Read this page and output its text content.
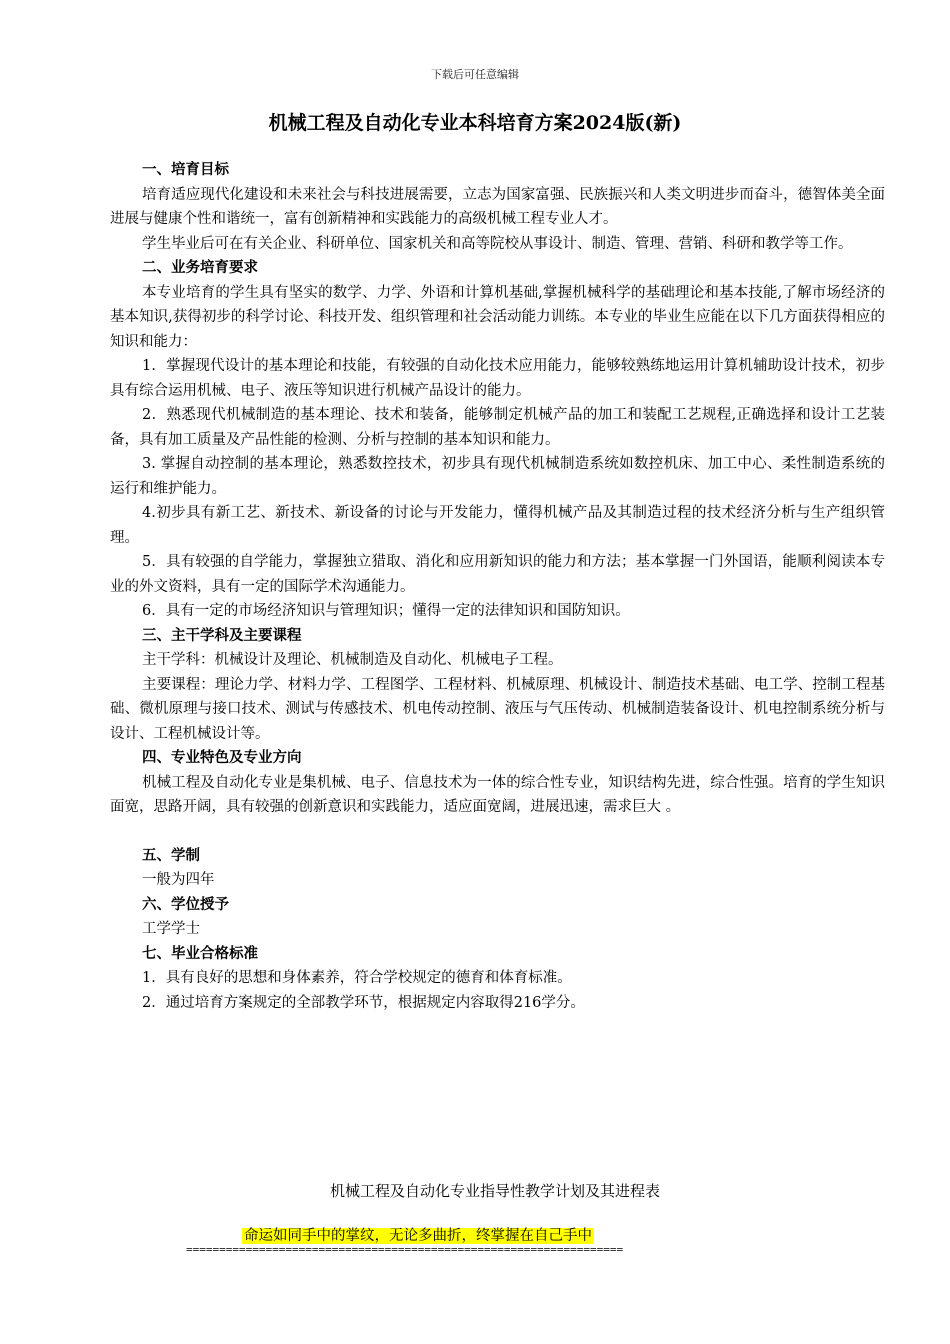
下载后可任意编辑
机械工程及自动化专业本科培育方案2024版(新)

一、培育目标

培育适应现代化建设和未来社会与科技进展需要，立志为国家富强、民族振兴和人类文明进步而奋斗，德智体美全面进展与健康个性和谐统一，富有创新精神和实践能力的高级机械工程专业人才。

学生毕业后可在有关企业、科研单位、国家机关和高等院校从事设计、制造、管理、营销、科研和教学等工作。

二、业务培育要求

本专业培育的学生具有坚实的数学、力学、外语和计算机基础,掌握机械科学的基础理论和基本技能,了解市场经济的基本知识,获得初步的科学讨论、科技开发、组织管理和社会活动能力训练。本专业的毕业生应能在以下几方面获得相应的知识和能力：

1．掌握现代设计的基本理论和技能，有较强的自动化技术应用能力，能够较熟练地运用计算机辅助设计技术，初步具有综合运用机械、电子、液压等知识进行机械产品设计的能力。

2．熟悉现代机械制造的基本理论、技术和装备，能够制定机械产品的加工和装配工艺规程,正确选择和设计工艺装备，具有加工质量及产品性能的检测、分析与控制的基本知识和能力。

3. 掌握自动控制的基本理论，熟悉数控技术，初步具有现代机械制造系统如数控机床、加工中心、柔性制造系统的运行和维护能力。

4.初步具有新工艺、新技术、新设备的讨论与开发能力，懂得机械产品及其制造过程的技术经济分析与生产组织管理。

5．具有较强的自学能力，掌握独立猎取、消化和应用新知识的能力和方法；基本掌握一门外国语，能顺利阅读本专业的外文资料，具有一定的国际学术沟通能力。

6．具有一定的市场经济知识与管理知识；懂得一定的法律知识和国防知识。

三、主干学科及主要课程

主干学科：机械设计及理论、机械制造及自动化、机械电子工程。

主要课程：理论力学、材料力学、工程图学、工程材料、机械原理、机械设计、制造技术基础、电工学、控制工程基础、微机原理与接口技术、测试与传感技术、机电传动控制、液压与气压传动、机械制造装备设计、机电控制系统分析与设计、工程机械设计等。

四、专业特色及专业方向

机械工程及自动化专业是集机械、电子、信息技术为一体的综合性专业，知识结构先进，综合性强。培育的学生知识面宽，思路开阔，具有较强的创新意识和实践能力，适应面宽阔，进展迅速，需求巨大 。

五、学制

一般为四年

六、学位授予

工学学士

七、毕业合格标准

1．具有良好的思想和身体素养，符合学校规定的德育和体育标准。

2．通过培育方案规定的全部教学环节，根据规定内容取得216学分。

机械工程及自动化专业指导性教学计划及其进程表
命运如同手中的掌纹，无论多曲折，终掌握在自己手中
==================================================================
